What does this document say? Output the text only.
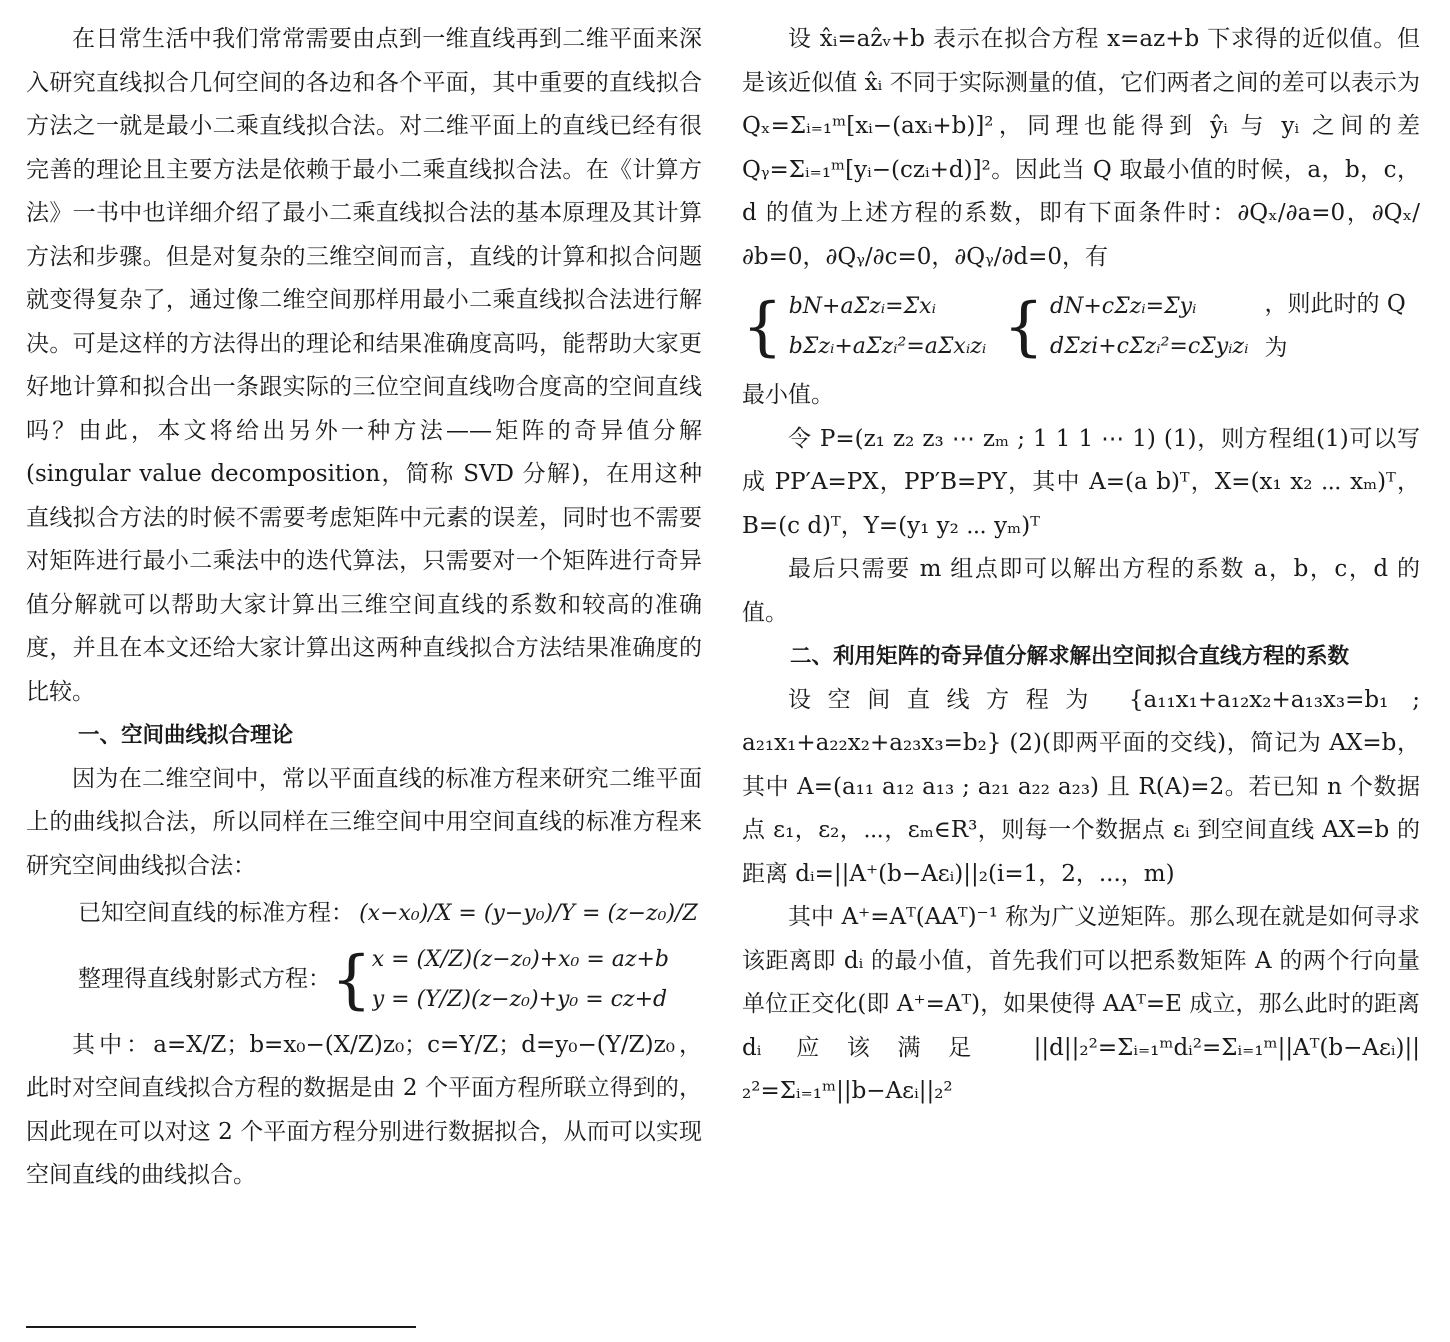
在日常生活中我们常常需要由点到一维直线再到二维平面来深入研究直线拟合几何空间的各边和各个平面，其中重要的直线拟合方法之一就是最小二乘直线拟合法。对二维平面上的直线已经有很完善的理论且主要方法是依赖于最小二乘直线拟合法。在《计算方法》一书中也详细介绍了最小二乘直线拟合法的基本原理及其计算方法和步骤。但是对复杂的三维空间而言，直线的计算和拟合问题就变得复杂了，通过像二维空间那样用最小二乘直线拟合法进行解决。可是这样的方法得出的理论和结果准确度高吗，能帮助大家更好地计算和拟合出一条跟实际的三位空间直线吻合度高的空间直线吗？由此，本文将给出另外一种方法——矩阵的奇异值分解(singular value decomposition，简称 SVD 分解)，在用这种直线拟合方法的时候不需要考虑矩阵中元素的误差，同时也不需要对矩阵进行最小二乘法中的迭代算法，只需要对一个矩阵进行奇异值分解就可以帮助大家计算出三维空间直线的系数和较高的准确度，并且在本文还给大家计算出这两种直线拟合方法结果准确度的比较。

一、空间曲线拟合理论

因为在二维空间中，常以平面直线的标准方程来研究二维平面上的曲线拟合法，所以同样在三维空间中用空间直线的标准方程来研究空间曲线拟合法：

已知空间直线的标准方程： (x−x₀)/X = (y−y₀)/Y = (z−z₀)/Z
整理得直线射影式方程： { x = (X/Z)(z−z₀)+x₀ = az+b
y = (Y/Z)(z−z₀)+y₀ = cz+d

其中：a=X/Z；b=x₀−(X/Z)z₀；c=Y/Z；d=y₀−(Y/Z)z₀，此时对空间直线拟合方程的数据是由 2 个平面方程所联立得到的，因此现在可以对这 2 个平面方程分别进行数据拟合，从而可以实现空间直线的曲线拟合。

设 x̂ᵢ=aẑᵥ+b 表示在拟合方程 x=az+b 下求得的近似值。但是该近似值 x̂ᵢ 不同于实际测量的值，它们两者之间的差可以表示为 Qₓ=Σᵢ₌₁ᵐ[xᵢ−(axᵢ+b)]²，同理也能得到 ŷᵢ 与 yᵢ 之间的差 Qᵧ=Σᵢ₌₁ᵐ[yᵢ−(czᵢ+d)]²。因此当 Q 取最小值的时候，a，b，c，d 的值为上述方程的系数，即有下面条件时：∂Qₓ/∂a=0，∂Qₓ/∂b=0，∂Qᵧ/∂c=0，∂Qᵧ/∂d=0，有

{ bN+aΣzᵢ=Σxᵢ
bΣzᵢ+aΣzᵢ²=aΣxᵢzᵢ { dN+cΣzᵢ=Σyᵢ
dΣzi+cΣzᵢ²=cΣyᵢzᵢ
，则此时的 Q 为

最小值。

令 P=(z₁ z₂ z₃ ⋯ zₘ ; 1 1 1 ⋯ 1) (1)，则方程组(1)可以写成 PP′A=PX，PP′B=PY，其中 A=(a b)ᵀ，X=(x₁ x₂ ⋯ xₘ)ᵀ，B=(c d)ᵀ，Y=(y₁ y₂ ⋯ yₘ)ᵀ

最后只需要 m 组点即可以解出方程的系数 a，b，c，d 的值。

二、利用矩阵的奇异值分解求解出空间拟合直线方程的系数

设空间直线方程为 {a₁₁x₁+a₁₂x₂+a₁₃x₃=b₁ ; a₂₁x₁+a₂₂x₂+a₂₃x₃=b₂} (2)(即两平面的交线)，简记为 AX=b，其中 A=(a₁₁ a₁₂ a₁₃ ; a₂₁ a₂₂ a₂₃) 且 R(A)=2。若已知 n 个数据点 ε₁，ε₂，⋯，εₘ∈R³，则每一个数据点 εᵢ 到空间直线 AX=b 的距离 dᵢ=||A⁺(b−Aεᵢ)||₂(i=1，2，...，m)

其中 A⁺=Aᵀ(AAᵀ)⁻¹ 称为广义逆矩阵。那么现在就是如何寻求该距离即 dᵢ 的最小值，首先我们可以把系数矩阵 A 的两个行向量单位正交化(即 A⁺=Aᵀ)，如果使得 AAᵀ=E 成立，那么此时的距离 dᵢ 应该满足 ||d||₂²=Σᵢ₌₁ᵐdᵢ²=Σᵢ₌₁ᵐ||Aᵀ(b−Aεᵢ)||₂²=Σᵢ₌₁ᵐ||b−Aεᵢ||₂²
